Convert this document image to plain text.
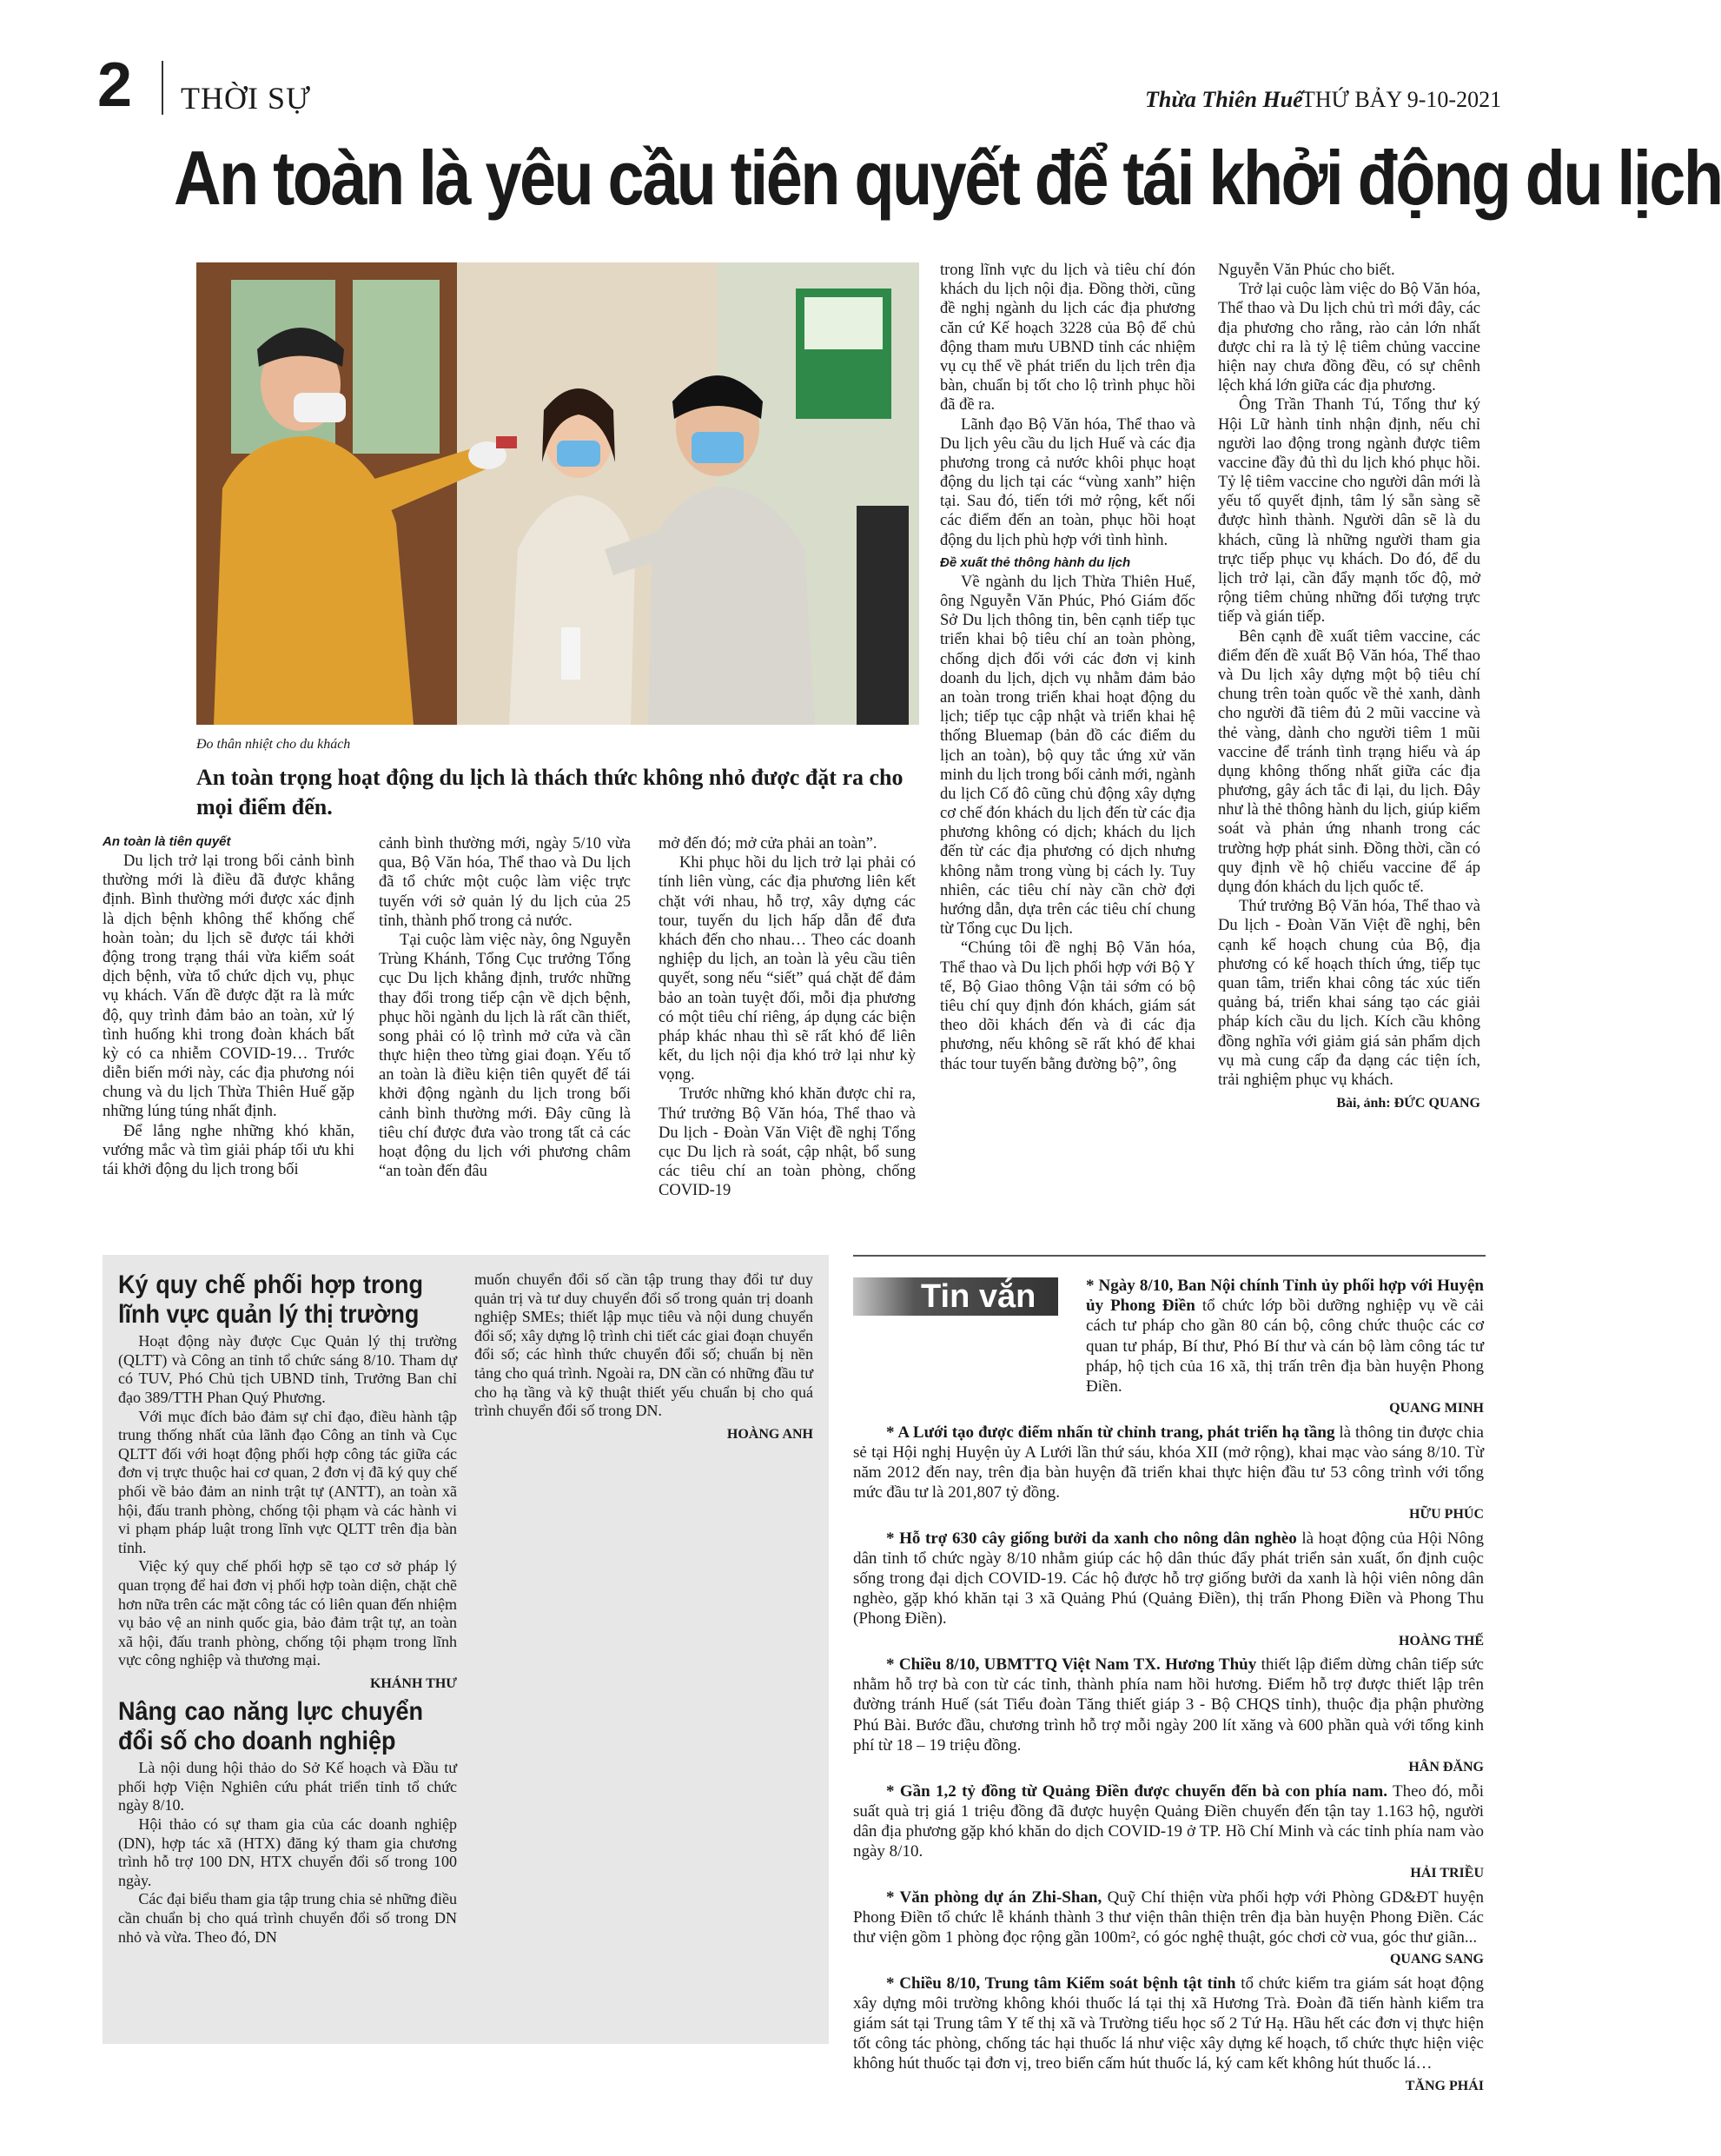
2 THỜI SỰ	Thừa Thiên Huế
THỨ BẢY 9-10-2021
An toàn là yêu cầu tiên quyết để tái khởi động du lịch
Đo thân nhiệt cho du khách
An toàn trọng hoạt động du lịch là thách thức không nhỏ được đặt ra cho mọi điểm đến.
An toàn là tiên quyết

Du lịch trở lại trong bối cảnh bình thường mới là điều đã được khẳng định. Bình thường mới được xác định là dịch bệnh không thể khống chế hoàn toàn; du lịch sẽ được tái khởi động trong trạng thái vừa kiểm soát dịch bệnh, vừa tổ chức dịch vụ, phục vụ khách. Vấn đề được đặt ra là mức độ, quy trình đảm bảo an toàn, xử lý tình huống khi trong đoàn khách bất kỳ có ca nhiễm COVID-19… Trước diễn biến mới này, các địa phương nói chung và du lịch Thừa Thiên Huế gặp những lúng túng nhất định.

Để lắng nghe những khó khăn, vướng mắc và tìm giải pháp tối ưu khi tái khởi động du lịch trong bối

cảnh bình thường mới, ngày 5/10 vừa qua, Bộ Văn hóa, Thể thao và Du lịch đã tổ chức một cuộc làm việc trực tuyến với sở quản lý du lịch của 25 tỉnh, thành phố trong cả nước.

Tại cuộc làm việc này, ông Nguyễn Trùng Khánh, Tổng Cục trưởng Tổng cục Du lịch khẳng định, trước những thay đổi trong tiếp cận về dịch bệnh, phục hồi ngành du lịch là rất cần thiết, song phải có lộ trình mở cửa và cần thực hiện theo từng giai đoạn. Yếu tố an toàn là điều kiện tiên quyết để tái khởi động ngành du lịch trong bối cảnh bình thường mới. Đây cũng là tiêu chí được đưa vào trong tất cả các hoạt động du lịch với phương châm “an toàn đến đâu

mở đến đó; mở cửa phải an toàn”.

Khi phục hồi du lịch trở lại phải có tính liên vùng, các địa phương liên kết chặt với nhau, hỗ trợ, xây dựng các tour, tuyến du lịch hấp dẫn để đưa khách đến cho nhau… Theo các doanh nghiệp du lịch, an toàn là yêu cầu tiên quyết, song nếu “siết” quá chặt để đảm bảo an toàn tuyệt đối, mỗi địa phương có một tiêu chí riêng, áp dụng các biện pháp khác nhau thì sẽ rất khó để liên kết, du lịch nội địa khó trở lại như kỳ vọng.

Trước những khó khăn được chỉ ra, Thứ trưởng Bộ Văn hóa, Thể thao và Du lịch - Đoàn Văn Việt đề nghị Tổng cục Du lịch rà soát, cập nhật, bổ sung các tiêu chí an toàn phòng, chống COVID-19

trong lĩnh vực du lịch và tiêu chí đón khách du lịch nội địa. Đồng thời, cũng đề nghị ngành du lịch các địa phương căn cứ Kế hoạch 3228 của Bộ để chủ động tham mưu UBND tỉnh các nhiệm vụ cụ thể về phát triển du lịch trên địa bàn, chuẩn bị tốt cho lộ trình phục hồi đã đề ra.

Lãnh đạo Bộ Văn hóa, Thể thao và Du lịch yêu cầu du lịch Huế và các địa phương trong cả nước khôi phục hoạt động du lịch tại các “vùng xanh” hiện tại. Sau đó, tiến tới mở rộng, kết nối các điểm đến an toàn, phục hồi hoạt động du lịch phù hợp với tình hình.

Đề xuất thẻ thông hành du lịch

Về ngành du lịch Thừa Thiên Huế, ông Nguyễn Văn Phúc, Phó Giám đốc Sở Du lịch thông tin, bên cạnh tiếp tục triển khai bộ tiêu chí an toàn phòng, chống dịch đối với các đơn vị kinh doanh du lịch, dịch vụ nhằm đảm bảo an toàn trong triển khai hoạt động du lịch; tiếp tục cập nhật và triển khai hệ thống Bluemap (bản đồ các điểm du lịch an toàn), bộ quy tắc ứng xử văn minh du lịch trong bối cảnh mới, ngành du lịch Cố đô cũng chủ động xây dựng cơ chế đón khách du lịch đến từ các địa phương không có dịch; khách du lịch đến từ các địa phương có dịch nhưng không nằm trong vùng bị cách ly. Tuy nhiên, các tiêu chí này cần chờ đợi hướng dẫn, dựa trên các tiêu chí chung từ Tổng cục Du lịch.

“Chúng tôi đề nghị Bộ Văn hóa, Thể thao và Du lịch phối hợp với Bộ Y tế, Bộ Giao thông Vận tải sớm có bộ tiêu chí quy định đón khách, giám sát theo dõi khách đến và đi các địa phương, nếu không sẽ rất khó để khai thác tour tuyến bằng đường bộ”, ông

Nguyễn Văn Phúc cho biết.

Trở lại cuộc làm việc do Bộ Văn hóa, Thể thao và Du lịch chủ trì mới đây, các địa phương cho rằng, rào cản lớn nhất được chỉ ra là tỷ lệ tiêm chủng vaccine hiện nay chưa đồng đều, có sự chênh lệch khá lớn giữa các địa phương.

Ông Trần Thanh Tú, Tổng thư ký Hội Lữ hành tỉnh nhận định, nếu chỉ người lao động trong ngành được tiêm vaccine đầy đủ thì du lịch khó phục hồi. Tỷ lệ tiêm vaccine cho người dân mới là yếu tố quyết định, tâm lý sẵn sàng sẽ được hình thành. Người dân sẽ là du khách, cũng là những người tham gia trực tiếp phục vụ khách. Do đó, để du lịch trở lại, cần đẩy mạnh tốc độ, mở rộng tiêm chủng những đối tượng trực tiếp và gián tiếp.

Bên cạnh đề xuất tiêm vaccine, các điểm đến đề xuất Bộ Văn hóa, Thể thao và Du lịch xây dựng một bộ tiêu chí chung trên toàn quốc về thẻ xanh, dành cho người đã tiêm đủ 2 mũi vaccine và thẻ vàng, dành cho người tiêm 1 mũi vaccine để tránh tình trạng hiểu và áp dụng không thống nhất giữa các địa phương, gây ách tắc đi lại, du lịch. Đây như là thẻ thông hành du lịch, giúp kiểm soát và phản ứng nhanh trong các trường hợp phát sinh. Đồng thời, cần có quy định về hộ chiếu vaccine để áp dụng đón khách du lịch quốc tế.

Thứ trưởng Bộ Văn hóa, Thể thao và Du lịch - Đoàn Văn Việt đề nghị, bên cạnh kế hoạch chung của Bộ, địa phương có kế hoạch thích ứng, tiếp tục quan tâm, triển khai công tác xúc tiến quảng bá, triển khai sáng tạo các giải pháp kích cầu du lịch. Kích cầu không đồng nghĩa với giảm giá sản phẩm dịch vụ mà cung cấp đa dạng các tiện ích, trải nghiệm phục vụ khách.

Bài, ảnh: ĐỨC QUANG
Ký quy chế phối hợp trong lĩnh vực quản lý thị trường

Hoạt động này được Cục Quản lý thị trường (QLTT) và Công an tỉnh tổ chức sáng 8/10. Tham dự có TUV, Phó Chủ tịch UBND tỉnh, Trưởng Ban chỉ đạo 389/TTH Phan Quý Phương.

Với mục đích bảo đảm sự chỉ đạo, điều hành tập trung thống nhất của lãnh đạo Công an tỉnh và Cục QLTT đối với hoạt động phối hợp công tác giữa các đơn vị trực thuộc hai cơ quan, 2 đơn vị đã ký quy chế phối về bảo đảm an ninh trật tự (ANTT), an toàn xã hội, đấu tranh phòng, chống tội phạm và các hành vi vi phạm pháp luật trong lĩnh vực QLTT trên địa bàn tỉnh.

Việc ký quy chế phối hợp sẽ tạo cơ sở pháp lý quan trọng để hai đơn vị phối hợp toàn diện, chặt chẽ hơn nữa trên các mặt công tác có liên quan đến nhiệm vụ bảo vệ an ninh quốc gia, bảo đảm trật tự, an toàn xã hội, đấu tranh phòng, chống tội phạm trong lĩnh vực công nghiệp và thương mại.

KHÁNH THƯ
Nâng cao năng lực chuyển đổi số cho doanh nghiệp

Là nội dung hội thảo do Sở Kế hoạch và Đầu tư phối hợp Viện Nghiên cứu phát triển tỉnh tổ chức ngày 8/10.

Hội thảo có sự tham gia của các doanh nghiệp (DN), hợp tác xã (HTX) đăng ký tham gia chương trình hỗ trợ 100 DN, HTX chuyển đổi số trong 100 ngày.

Các đại biểu tham gia tập trung chia sẻ những điều cần chuẩn bị cho quá trình chuyển đổi số trong DN nhỏ và vừa. Theo đó, DN

muốn chuyển đổi số cần tập trung thay đổi tư duy quản trị và tư duy chuyển đổi số trong quản trị doanh nghiệp SMEs; thiết lập mục tiêu và nội dung chuyển đổi số; xây dựng lộ trình chi tiết các giai đoạn chuyển đổi số; các hình thức chuyển đổi số; chuẩn bị nền tảng cho quá trình. Ngoài ra, DN cần có những đầu tư cho hạ tầng và kỹ thuật thiết yếu chuẩn bị cho quá trình chuyển đổi số trong DN.

HOÀNG ANH
Tin vắn	* Ngày 8/10, Ban Nội chính Tỉnh ủy phối hợp với Huyện ủy Phong Điền tổ chức lớp bồi dưỡng nghiệp vụ về cải cách tư pháp cho gần 80 cán bộ, công chức thuộc các cơ quan tư pháp, Bí thư, Phó Bí thư và cán bộ làm công tác tư pháp, hộ tịch của 16 xã, thị trấn trên địa bàn huyện Phong Điền.

QUANG MINH

* A Lưới tạo được điểm nhấn từ chỉnh trang, phát triển hạ tầng là thông tin được chia sẻ tại Hội nghị Huyện ủy A Lưới lần thứ sáu, khóa XII (mở rộng), khai mạc vào sáng 8/10. Từ năm 2012 đến nay, trên địa bàn huyện đã triển khai thực hiện đầu tư 53 công trình với tổng mức đầu tư là 201,807 tỷ đồng.

HỮU PHÚC

* Hỗ trợ 630 cây giống bưởi da xanh cho nông dân nghèo là hoạt động của Hội Nông dân tỉnh tổ chức ngày 8/10 nhằm giúp các hộ dân thúc đẩy phát triển sản xuất, ổn định cuộc sống trong đại dịch COVID-19. Các hộ được hỗ trợ giống bưởi da xanh là hội viên nông dân nghèo, gặp khó khăn tại 3 xã Quảng Phú (Quảng Điền), thị trấn Phong Điền và Phong Thu (Phong Điền).

HOÀNG THẾ

* Chiều 8/10, UBMTTQ Việt Nam TX. Hương Thủy thiết lập điểm dừng chân tiếp sức nhằm hỗ trợ bà con từ các tỉnh, thành phía nam hồi hương. Điểm hỗ trợ được thiết lập trên đường tránh Huế (sát Tiểu đoàn Tăng thiết giáp 3 - Bộ CHQS tỉnh), thuộc địa phận phường Phú Bài. Bước đầu, chương trình hỗ trợ mỗi ngày 200 lít xăng và 600 phần quà với tổng kinh phí từ 18 – 19 triệu đồng.

HÂN ĐĂNG

* Gần 1,2 tỷ đồng từ Quảng Điền được chuyển đến bà con phía nam. Theo đó, mỗi suất quà trị giá 1 triệu đồng đã được huyện Quảng Điền chuyển đến tận tay 1.163 hộ, người dân địa phương gặp khó khăn do dịch COVID-19 ở TP. Hồ Chí Minh và các tỉnh phía nam vào ngày 8/10.

HẢI TRIỀU

* Văn phòng dự án Zhi-Shan, Quỹ Chí thiện vừa phối hợp với Phòng GD&ĐT huyện Phong Điền tổ chức lễ khánh thành 3 thư viện thân thiện trên địa bàn huyện Phong Điền. Các thư viện gồm 1 phòng đọc rộng gần 100m², có góc nghệ thuật, góc chơi cờ vua, góc thư giãn...

QUANG SANG

* Chiều 8/10, Trung tâm Kiểm soát bệnh tật tỉnh tổ chức kiểm tra giám sát hoạt động xây dựng môi trường không khói thuốc lá tại thị xã Hương Trà. Đoàn đã tiến hành kiểm tra giám sát tại Trung tâm Y tế thị xã và Trường tiểu học số 2 Tứ Hạ. Hầu hết các đơn vị thực hiện tốt công tác phòng, chống tác hại thuốc lá như việc xây dựng kế hoạch, tổ chức thực hiện việc không hút thuốc tại đơn vị, treo biển cấm hút thuốc lá, ký cam kết không hút thuốc lá…

TĂNG PHÁI
